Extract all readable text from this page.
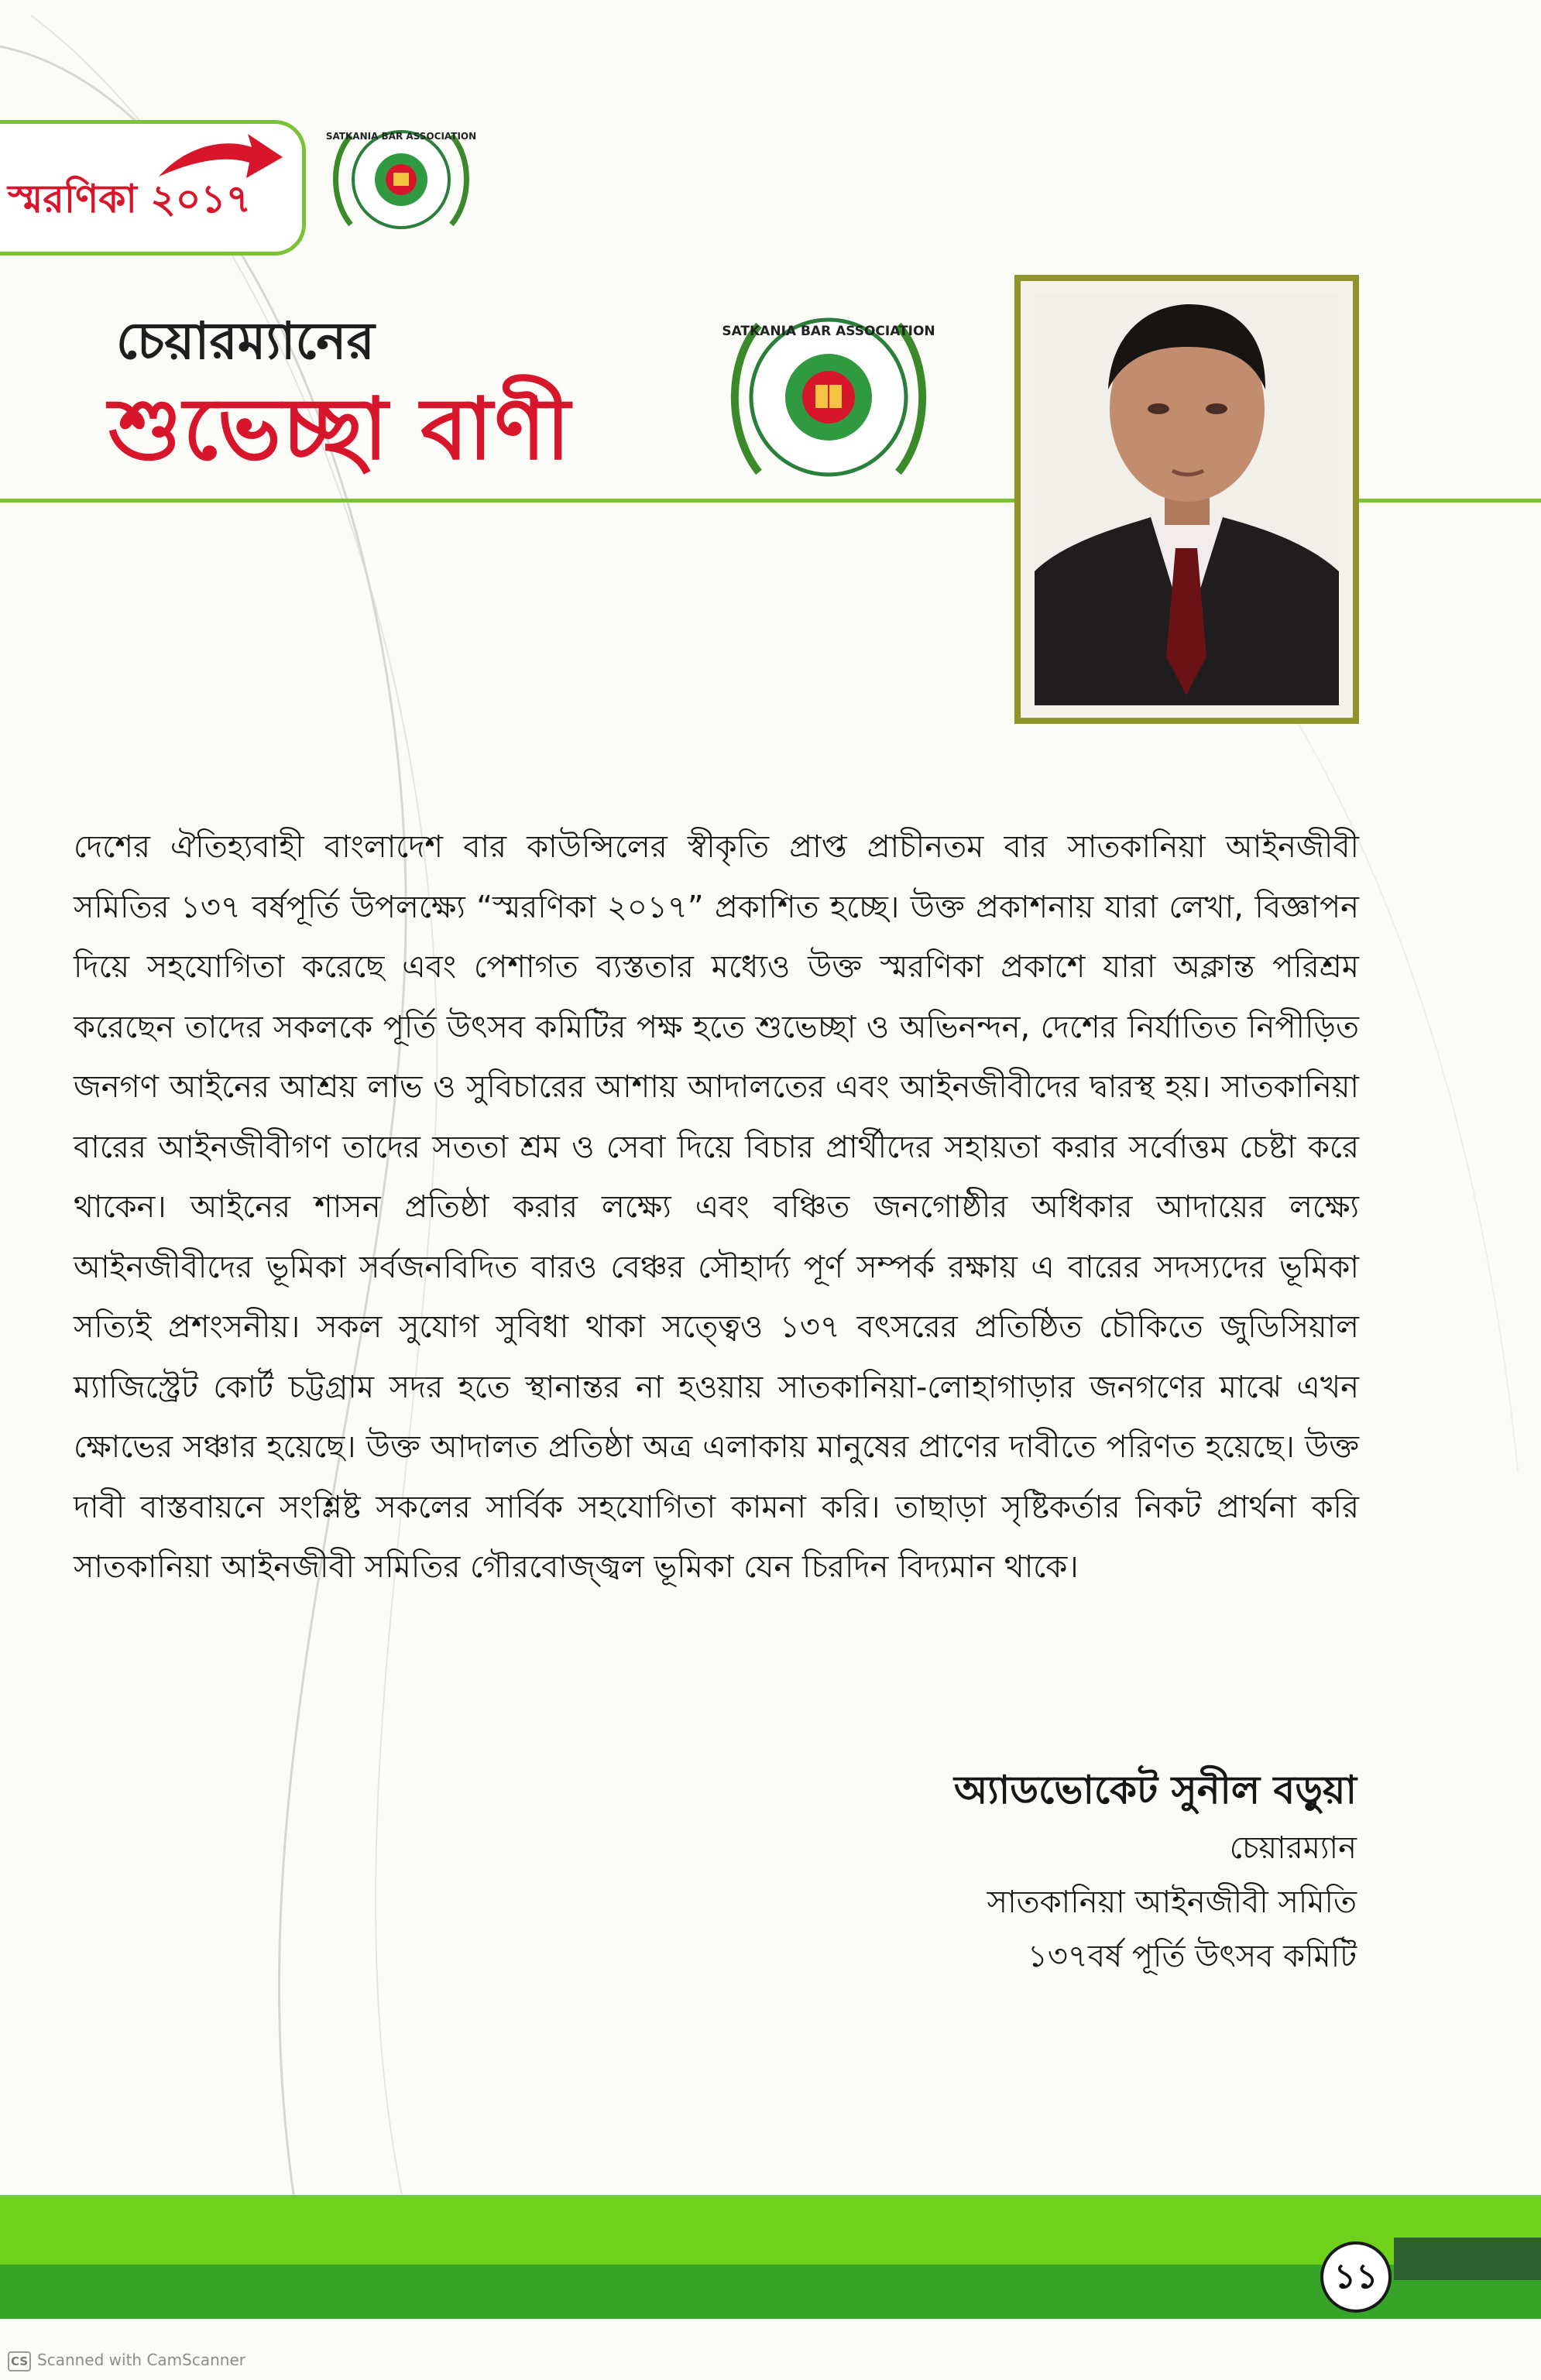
স্মরণিকা ২০১৭
SATKANIA BAR ASSOCIATION
চেয়ারম্যানের
শুভেচ্ছা বাণী
SATKANIA BAR ASSOCIATION

দেশের ঐতিহ্যবাহী বাংলাদেশ বার কাউন্সিলের স্বীকৃতি প্রাপ্ত প্রাচীনতম বার সাতকানিয়া আইনজীবী সমিতির ১৩৭ বর্ষপূর্তি উপলক্ষ্যে “স্মরণিকা ২০১৭” প্রকাশিত হচ্ছে। উক্ত প্রকাশনায় যারা লেখা, বিজ্ঞাপন দিয়ে সহযোগিতা করেছে এবং পেশাগত ব্যস্ততার মধ্যেও উক্ত স্মরণিকা প্রকাশে যারা অক্লান্ত পরিশ্রম করেছেন তাদের সকলকে পূর্তি উৎসব কমিটির পক্ষ হতে শুভেচ্ছা ও অভিনন্দন, দেশের নির্যাতিত নিপীড়িত জনগণ আইনের আশ্রয় লাভ ও সুবিচারের আশায় আদালতের এবং আইনজীবীদের দ্বারস্থ হয়। সাতকানিয়া বারের আইনজীবীগণ তাদের সততা শ্রম ও সেবা দিয়ে বিচার প্রার্থীদের সহায়তা করার সর্বোত্তম চেষ্টা করে থাকেন। আইনের শাসন প্রতিষ্ঠা করার লক্ষ্যে এবং বঞ্চিত জনগোষ্ঠীর অধিকার আদায়ের লক্ষ্যে আইনজীবীদের ভূমিকা সর্বজনবিদিত বারও বেঞ্চর সৌহার্দ্য পূর্ণ সম্পর্ক রক্ষায় এ বারের সদস্যদের ভূমিকা সত্যিই প্রশংসনীয়। সকল সুযোগ সুবিধা থাকা সত্ত্বেও ১৩৭ বৎসরের প্রতিষ্ঠিত চৌকিতে জুডিসিয়াল ম্যাজিস্ট্রেট কোর্ট চট্টগ্রাম সদর হতে স্থানান্তর না হওয়ায় সাতকানিয়া-লোহাগাড়ার জনগণের মাঝে এখন ক্ষোভের সঞ্চার হয়েছে। উক্ত আদালত প্রতিষ্ঠা অত্র এলাকায় মানুষের প্রাণের দাবীতে পরিণত হয়েছে। উক্ত দাবী বাস্তবায়নে সংশ্লিষ্ট সকলের সার্বিক সহযোগিতা কামনা করি। তাছাড়া সৃষ্টিকর্তার নিকট প্রার্থনা করি সাতকানিয়া আইনজীবী সমিতির গৌরবোজ্জ্বল ভূমিকা যেন চিরদিন বিদ্যমান থাকে।

অ্যাডভোকেট সুনীল বড়ুয়া
চেয়ারম্যান
সাতকানিয়া আইনজীবী সমিতি
১৩৭বর্ষ পূর্তি উৎসব কমিটি
১১
CS Scanned with CamScanner
